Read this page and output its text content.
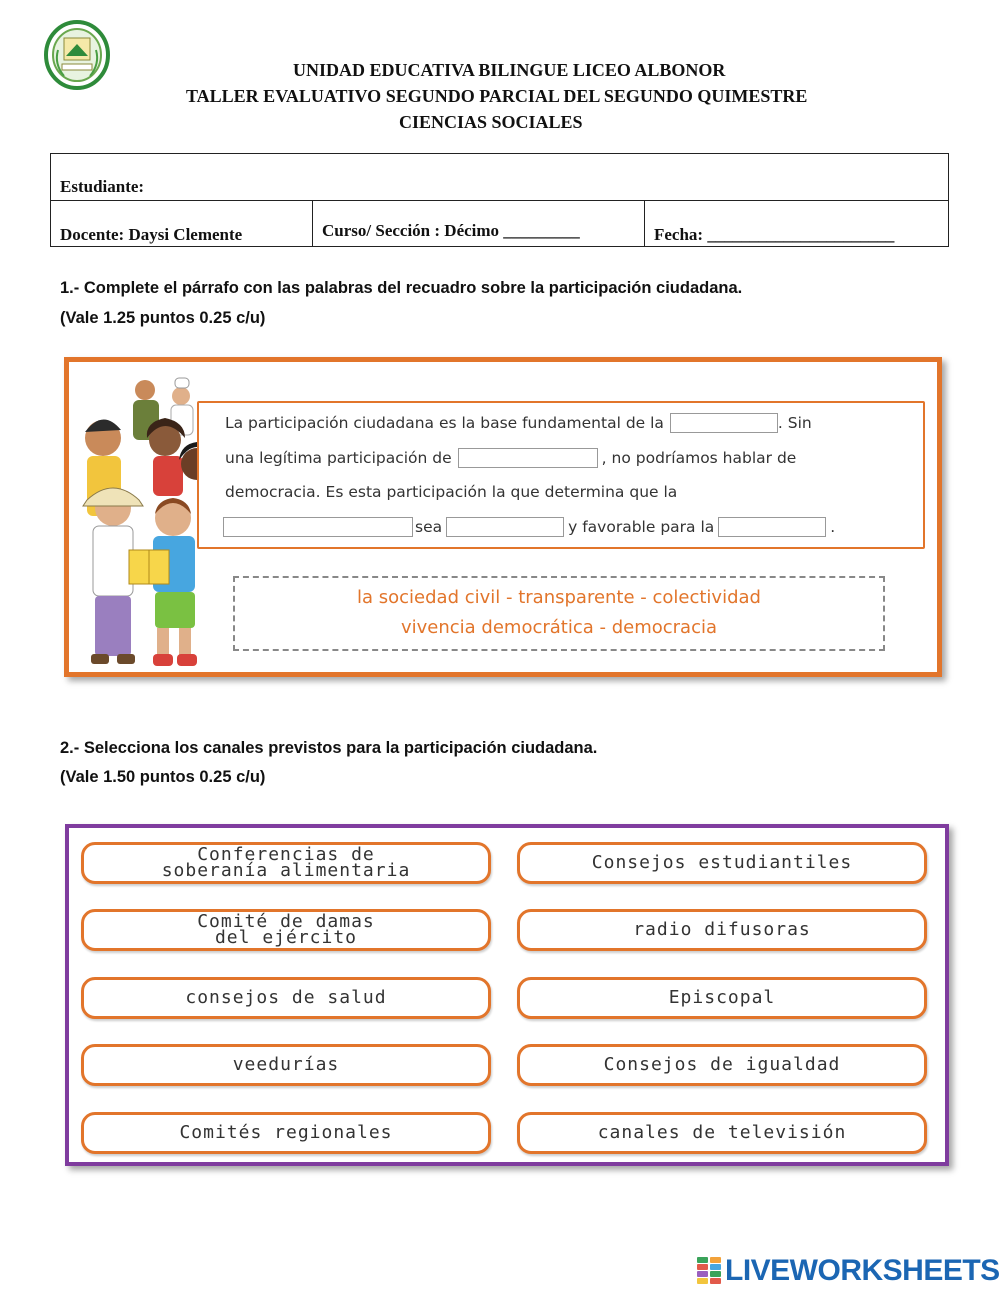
UNIDAD EDUCATIVA BILINGUE LICEO ALBONOR
TALLER EVALUATIVO SEGUNDO PARCIAL DEL SEGUNDO QUIMESTRE
CIENCIAS SOCIALES
Estudiante:
Docente: Daysi Clemente	Curso/ Sección : Décimo _________	Fecha: ______________________
1.- Complete el párrafo con las palabras del recuadro sobre la participación ciudadana.
(Vale 1.25 puntos 0.25 c/u)
La participación ciudadana es la base fundamental de la	. Sin
una legítima participación de	, no podríamos hablar de
democracia. Es esta participación la que determina que la
sea	y favorable para la	.
la sociedad civil - transparente - colectividad
vivencia democrática - democracia
2.- Selecciona los canales previstos para la participación ciudadana.
(Vale 1.50 puntos 0.25 c/u)
Conferencias de
soberanía alimentaria	Consejos estudiantiles
Comité de damas
del ejército	radio difusoras
consejos de salud	Episcopal
veedurías	Consejos de igualdad
Comités regionales	canales de televisión
LIVEWORKSHEETS
